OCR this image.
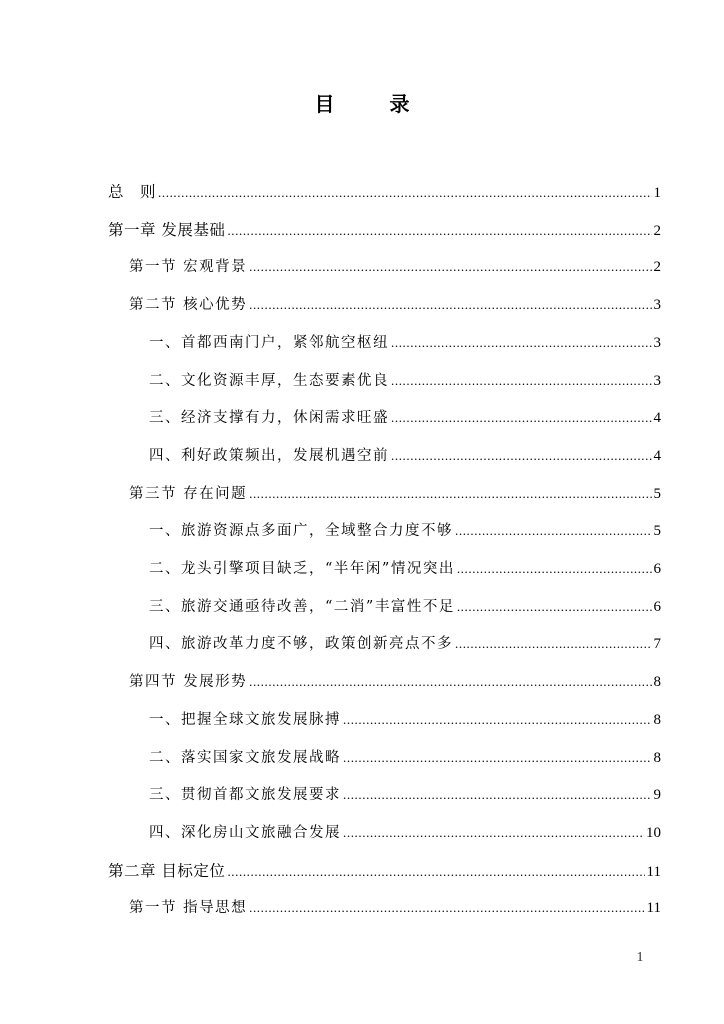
目 录
总　则 .....	1
第一章 发展基础 .....	2
第一节 宏观背景 .....	2
第二节 核心优势 .....	3
一、首都西南门户，紧邻航空枢纽 .....	3
二、文化资源丰厚，生态要素优良 .....	3
三、经济支撑有力，休闲需求旺盛 .....	4
四、利好政策频出，发展机遇空前 .....	4
第三节 存在问题 .....	5
一、旅游资源点多面广，全域整合力度不够 .....	5
二、龙头引擎项目缺乏，“半年闲”情况突出 .....	6
三、旅游交通亟待改善，“二消”丰富性不足 .....	6
四、旅游改革力度不够，政策创新亮点不多 .....	7
第四节 发展形势 .....	8
一、把握全球文旅发展脉搏 .....	8
二、落实国家文旅发展战略 .....	8
三、贯彻首都文旅发展要求 .....	9
四、深化房山文旅融合发展 .....	10
第二章 目标定位 .....	11
第一节 指导思想 .....	11
1
